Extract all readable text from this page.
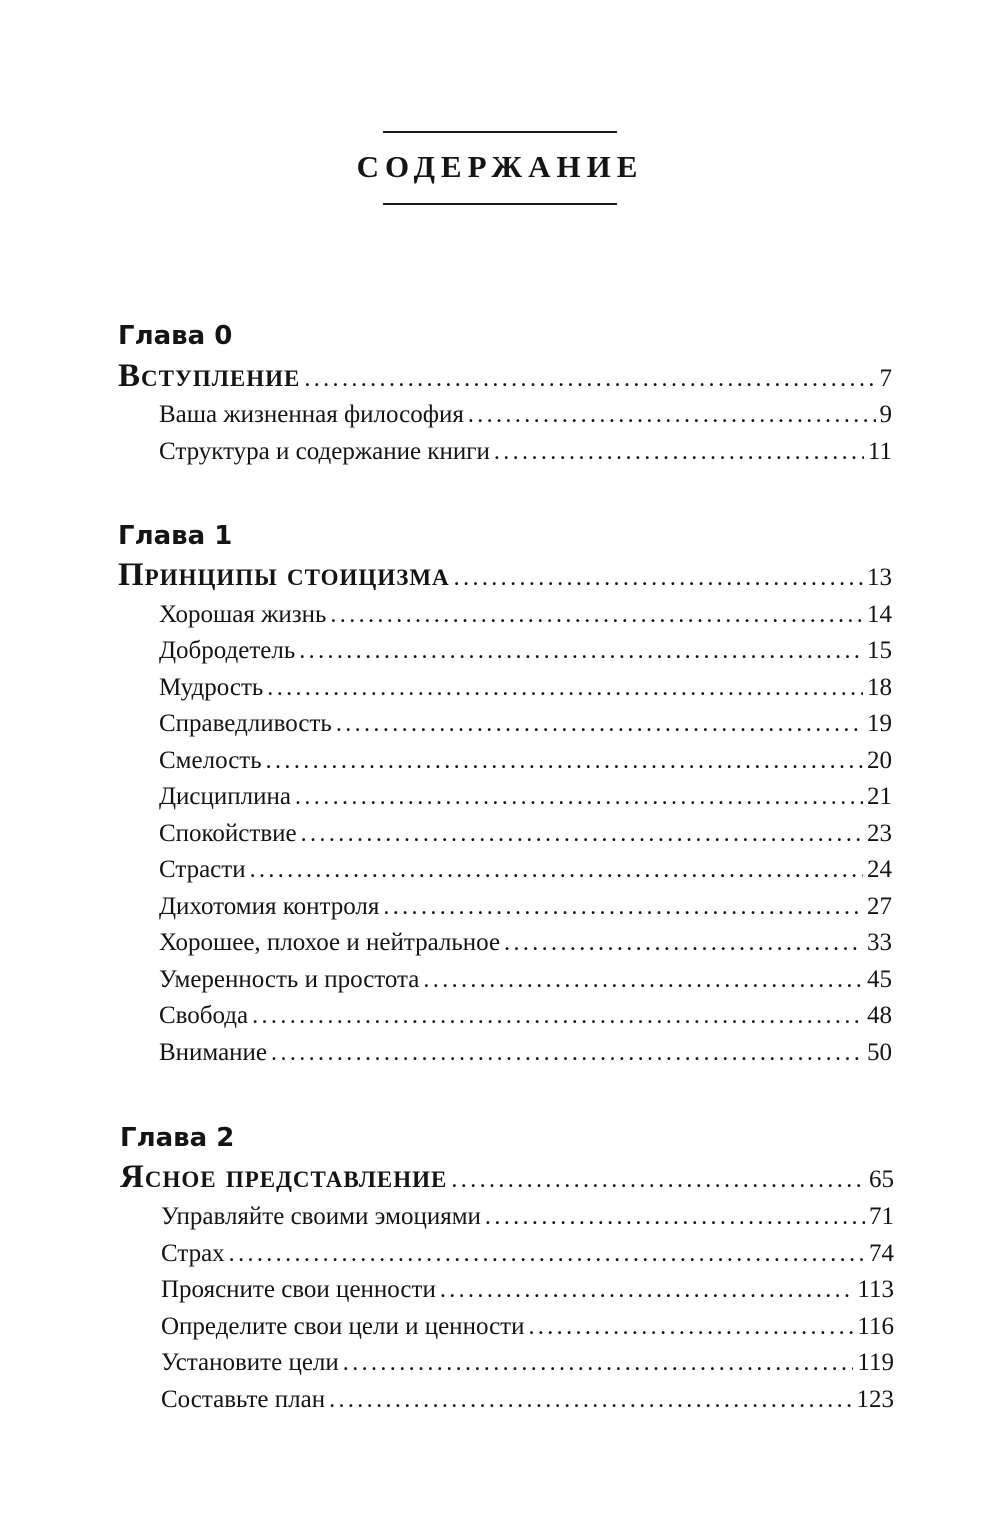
СОДЕРЖАНИЕ
Глава 0
Вступление .....	7
Ваша жизненная философия .....	9
Структура и содержание книги .....	11
Глава 1
Принципы стоицизма .....	13
Хорошая жизнь .....	14
Добродетель .....	15
Мудрость .....	18
Справедливость .....	19
Смелость .....	20
Дисциплина .....	21
Спокойствие .....	23
Страсти .....	24
Дихотомия контроля .....	27
Хорошее, плохое и нейтральное .....	33
Умеренность и простота .....	45
Свобода .....	48
Внимание .....	50
Глава 2
Ясное представление .....	65
Управляйте своими эмоциями .....	71
Страх .....	74
Проясните свои ценности .....	113
Определите свои цели и ценности .....	116
Установите цели .....	119
Составьте план .....	123
